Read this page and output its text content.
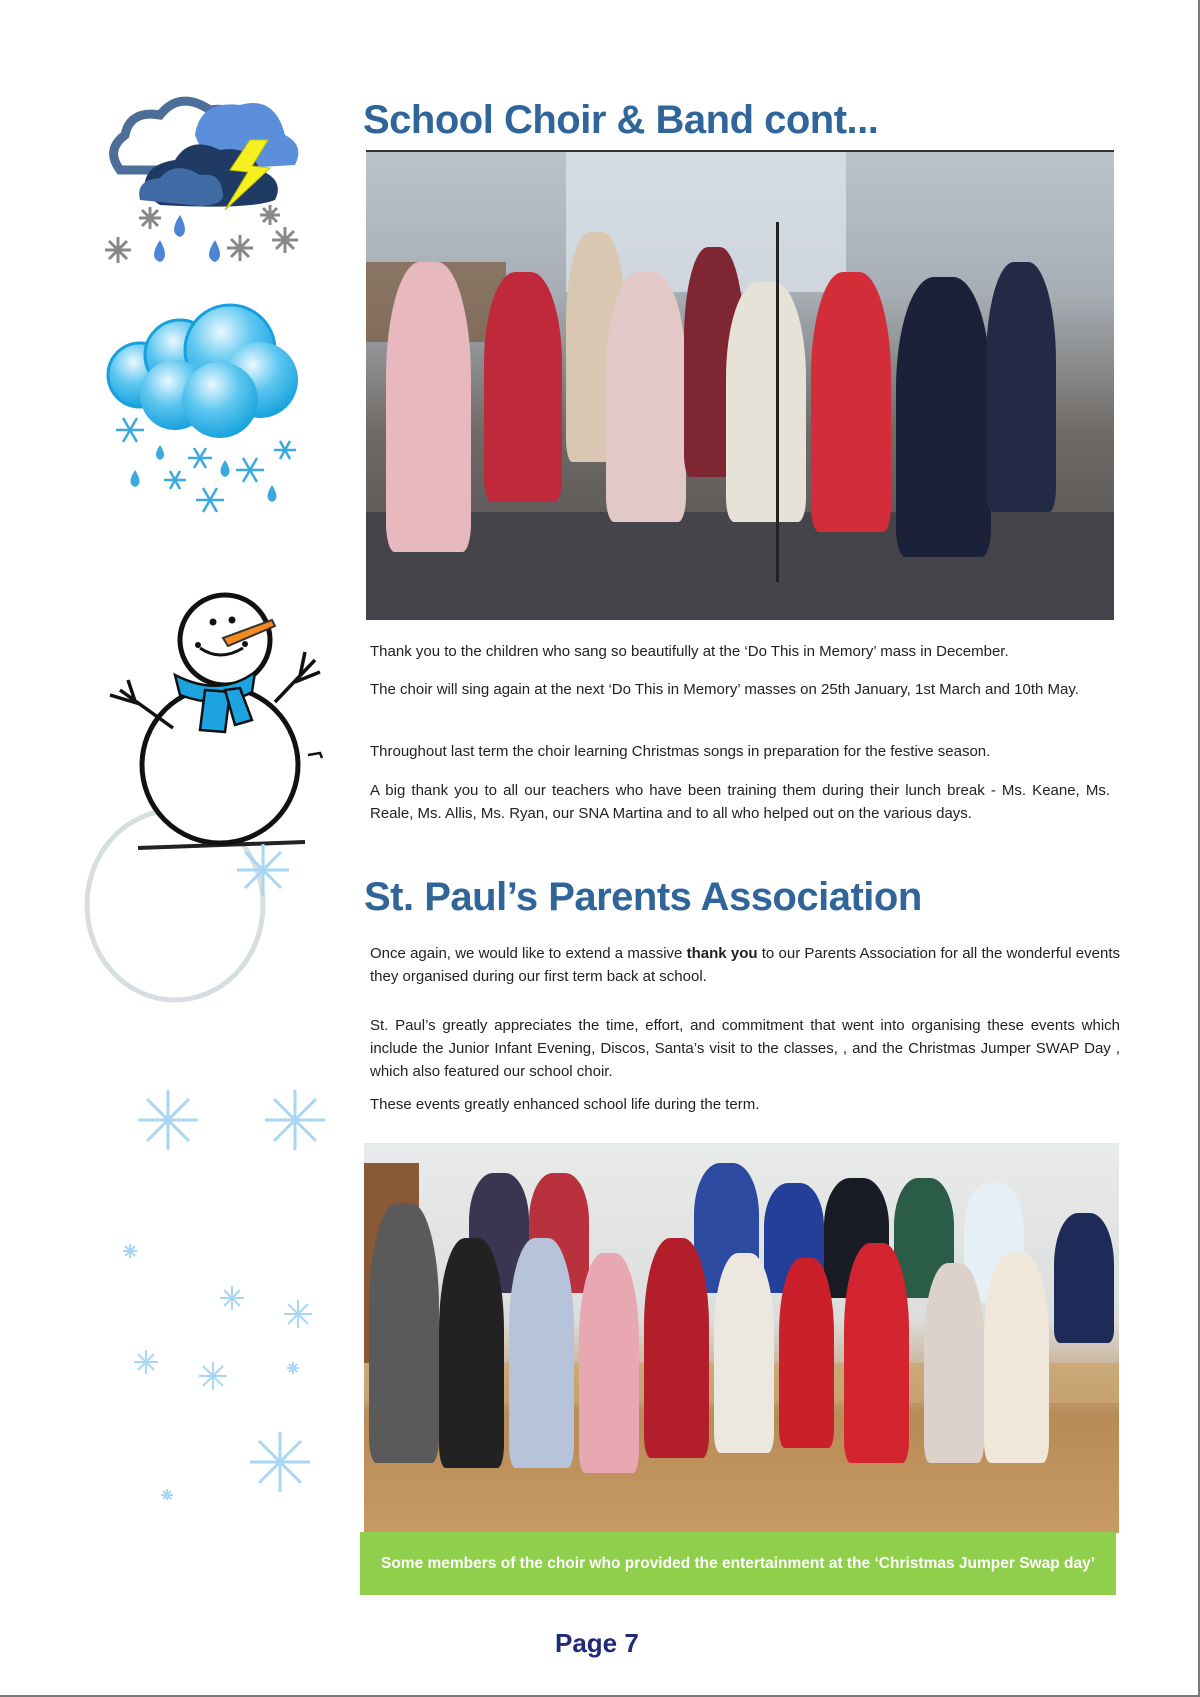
School Choir & Band cont...

Thank you to the children who sang so beautifully at the ‘Do This in Memory’ mass in December.

The choir will sing again at the next ‘Do This in Memory’ masses on 25th January, 1st March and 10th May.

Throughout last term the choir learning Christmas songs in preparation for the festive season.

A big thank you to all our teachers who have been training them during their lunch break - Ms. Keane, Ms. Reale, Ms. Allis, Ms. Ryan, our SNA Martina and to all who helped out on the various days.

St. Paul’s Parents Association

Once again, we would like to extend a massive thank you to our Parents Association for all the wonderful events they organised during our first term back at school.

St. Paul’s greatly appreciates the time, effort, and commitment that went into organising these events which include the Junior Infant Evening, Discos, Santa’s visit to the classes, , and the Christmas Jumper SWAP Day , which also featured our school choir.

These events greatly enhanced school life during the term.

Some members of the choir who provided the entertainment at the ‘Christmas Jumper Swap day’
Page 7
